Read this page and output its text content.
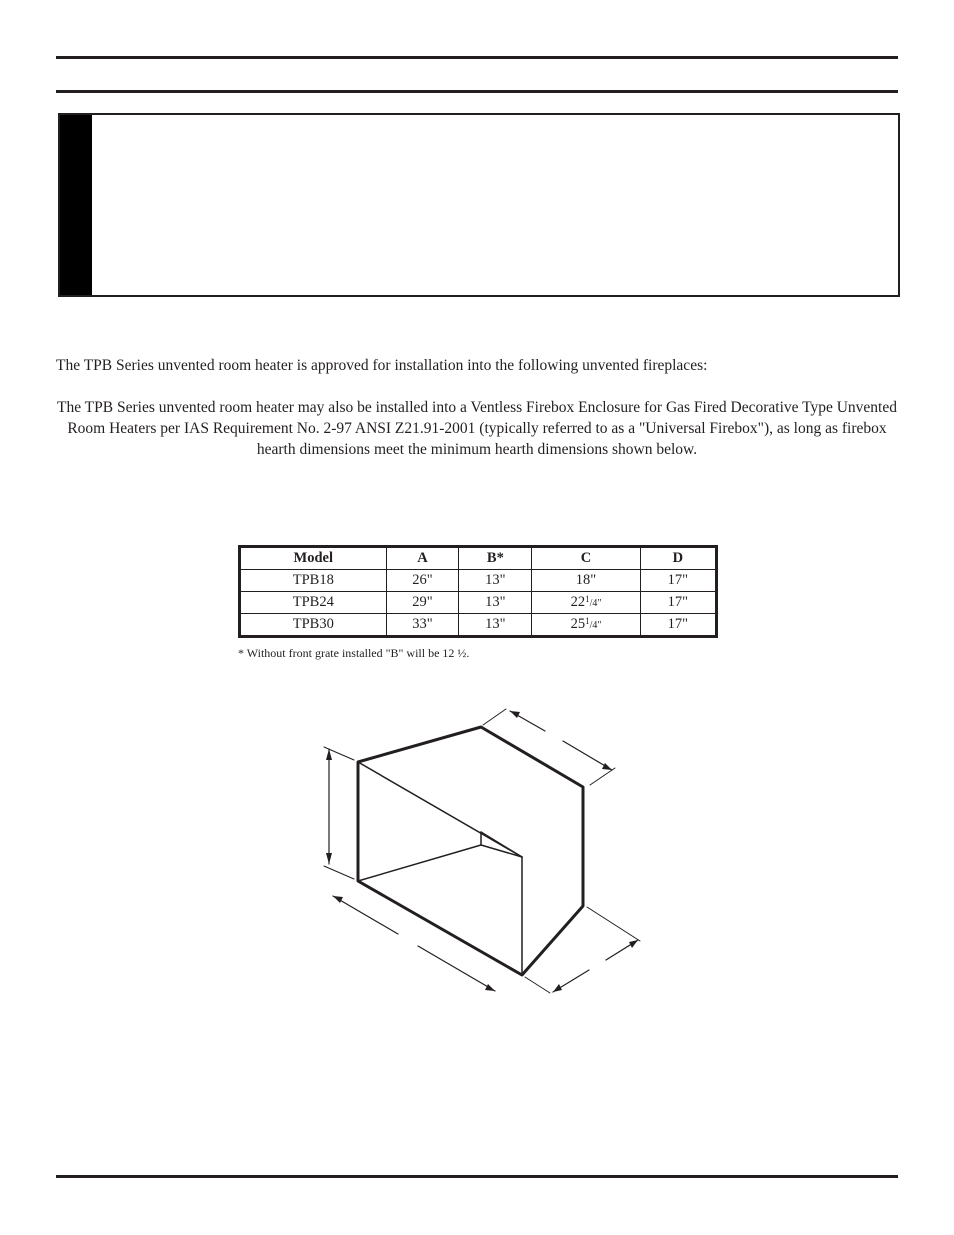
The TPB Series unvented room heater is approved for installation into the following unvented fireplaces:
The TPB Series unvented room heater may also be installed into a Ventless Firebox Enclosure for Gas Fired Decorative Type Unvented Room Heaters per IAS Requirement No. 2-97 ANSI Z21.91-2001 (typically referred to as a "Universal Firebox"), as long as firebox hearth dimensions meet the minimum hearth dimensions shown below.
Model	A	B*	C	D
TPB18	26"	13"	18"	17"
TPB24	29"	13"	$22^1/4$"	17"
TPB30	33"	13"	$25^1/4$"	17"
* Without front grate installed "B" will be 12 ½.
